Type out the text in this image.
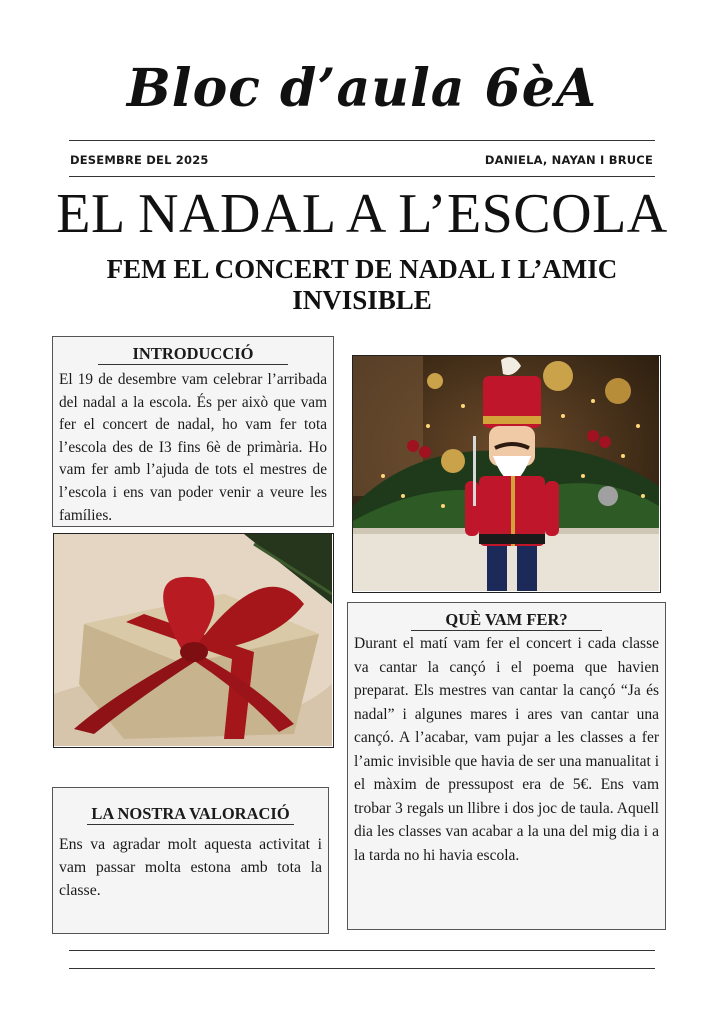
Bloc d’aula 6èA
DESEMBRE DEL 2025	DANIELA, NAYAN I BRUCE
EL NADAL A L’ESCOLA
FEM EL CONCERT DE NADAL I L’AMIC INVISIBLE
INTRODUCCIÓ
El 19 de desembre vam celebrar l’arribada del nadal a la escola. És per això que vam fer el concert de nadal, ho vam fer tota l’escola des de I3 fins 6è de primària. Ho vam fer amb l’ajuda de tots el mestres de l’escola i ens van poder venir a veure les famílies.
QUÈ VAM FER?
Durant el matí vam fer el concert i cada classe va cantar la cançó i el poema que havien preparat. Els mestres van cantar la cançó “Ja és nadal” i algunes mares i ares van cantar una cançó. A l’acabar, vam pujar a les classes a fer l’amic invisible que havia de ser una manualitat i el màxim de pressupost era de 5€. Ens vam trobar 3 regals un llibre i dos joc de taula. Aquell dia les classes van acabar a la una del mig dia i a la tarda no hi havia escola.
LA NOSTRA VALORACIÓ
Ens va agradar molt aquesta activitat i vam passar molta estona amb tota la classe.
